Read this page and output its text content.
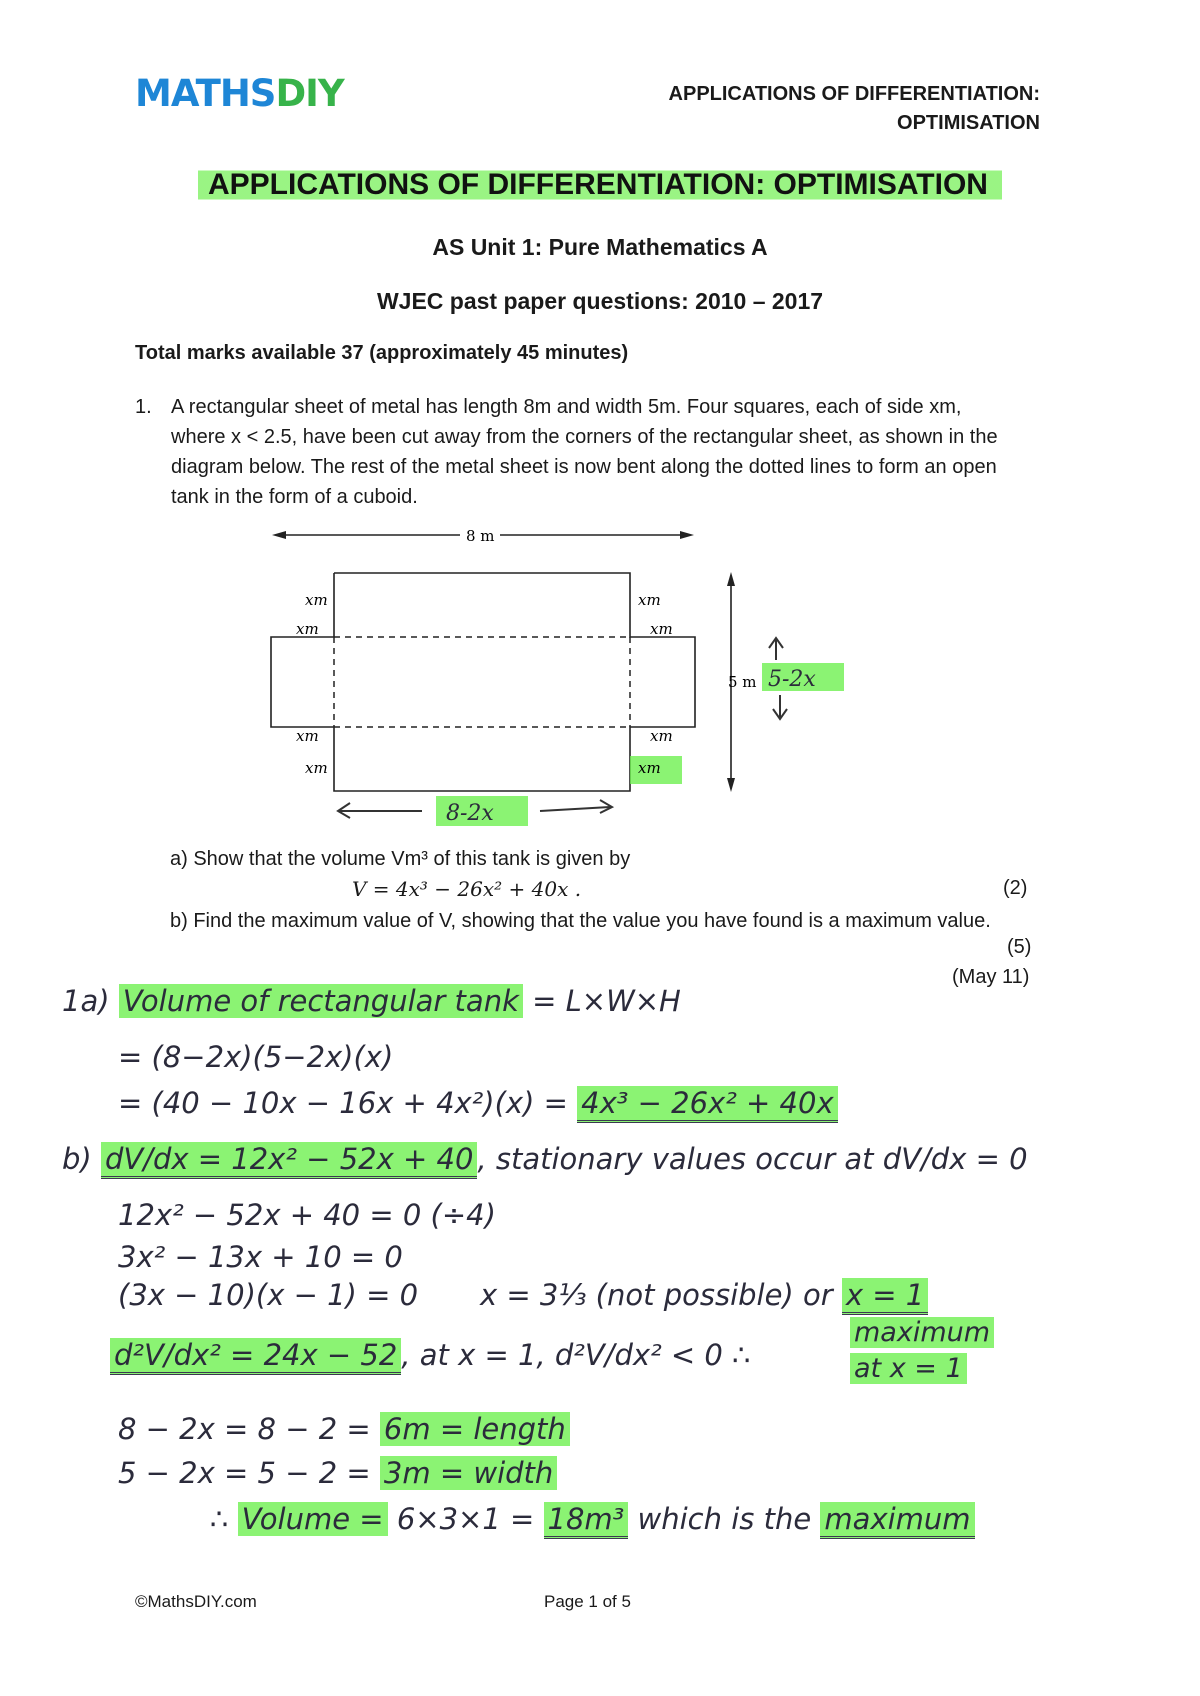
MATHSDIY	APPLICATIONS OF DIFFERENTIATION:
OPTIMISATION
APPLICATIONS OF DIFFERENTIATION: OPTIMISATION
AS Unit 1: Pure Mathematics A
WJEC past paper questions: 2010 – 2017
Total marks available 37 (approximately 45 minutes)
1. A rectangular sheet of metal has length 8m and width 5m. Four squares, each of side xm, where x < 2.5, have been cut away from the corners of the rectangular sheet, as shown in the diagram below. The rest of the metal sheet is now bent along the dotted lines to form an open tank in the form of a cuboid.
8 m
xm
xm
xm
xm
xm
xm
xm
xm
5 m 5-2x
8-2x
a) Show that the volume Vm³ of this tank is given by
V = 4x³ − 26x² + 40x .	(2)
b) Find the maximum value of V, showing that the value you have found is a maximum value.
(5)
(May 11)
1a) Volume of rectangular tank = L×W×H
= (8−2x)(5−2x)(x)
= (40 − 10x − 16x + 4x²)(x) = 4x³ − 26x² + 40x
b) dV/dx = 12x² − 52x + 40 , stationary values occur at dV/dx = 0
12x² − 52x + 40 = 0 (÷4)
3x² − 13x + 10 = 0
(3x − 10)(x − 1) = 0 x = 3⅓ (not possible) or x = 1
d²V/dx² = 24x − 52 , at x = 1, d²V/dx² < 0 ∴
maximum
at x = 1
8 − 2x = 8 − 2 = 6m = length
5 − 2x = 5 − 2 = 3m = width
∴ Volume = 6×3×1 = 18m³ which is the maximum
©MathsDIY.com	Page 1 of 5
